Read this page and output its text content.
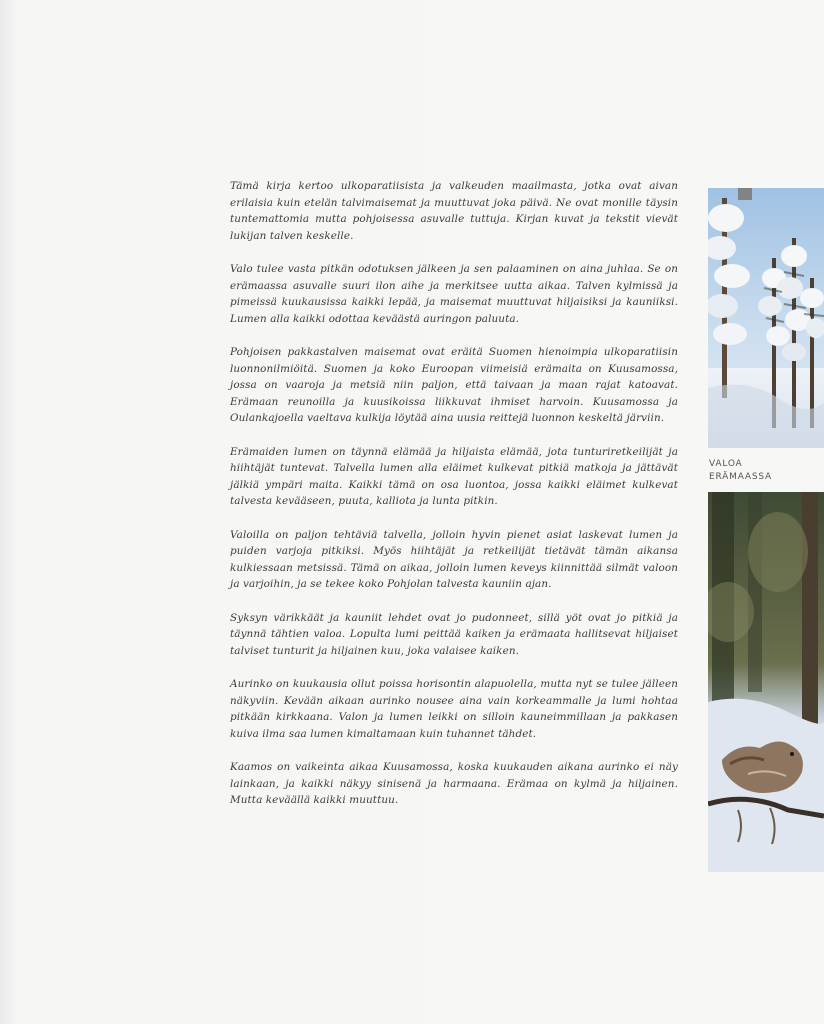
Tämä kirja kertoo ulkoparatiisista ja valkeuden maailmasta, jotka ovat aivan erilaisia kuin etelän talvimaisemat ja muuttuvat joka päivä. Ne ovat monille täysin tuntemattomia mutta pohjoisessa asuvalle tuttuja. Kirjan kuvat ja tekstit vievät lukijan talven keskelle.

Valo tulee vasta pitkän odotuksen jälkeen ja sen palaaminen on aina juhlaa. Se on erämaassa asuvalle suuri ilon aihe ja merkitsee uutta aikaa. Talven kylmissä ja pimeissä kuukausissa kaikki lepää, ja maisemat muuttuvat hiljaisiksi ja kauniiksi. Lumen alla kaikki odottaa keväästä auringon paluuta.

Pohjoisen pakkastalven maisemat ovat eräitä Suomen hienoimpia ulkoparatiisin luonnonilmiöitä. Suomen ja koko Euroopan viimeisiä erämaita on Kuusamossa, jossa on vaaroja ja metsiä niin paljon, että taivaan ja maan rajat katoavat. Erämaan reunoilla ja kuusikoissa liikkuvat ihmiset harvoin. Kuusamossa ja Oulankajoella vaeltava kulkija löytää aina uusia reittejä luonnon keskeltä järviin.

Erämaiden lumen on täynnä elämää ja hiljaista elämää, jota tunturiretkeilijät ja hiihtäjät tuntevat. Talvella lumen alla eläimet kulkevat pitkiä matkoja ja jättävät jälkiä ympäri maita. Kaikki tämä on osa luontoa, jossa kaikki eläimet kulkevat talvesta kevääseen, puuta, kalliota ja lunta pitkin.

Valoilla on paljon tehtäviä talvella, jolloin hyvin pienet asiat laskevat lumen ja puiden varjoja pitkiksi. Myös hiihtäjät ja retkeilijät tietävät tämän aikansa kulkiessaan metsissä. Tämä on aikaa, jolloin lumen keveys kiinnittää silmät valoon ja varjoihin, ja se tekee koko Pohjolan talvesta kauniin ajan.

Syksyn värikkäät ja kauniit lehdet ovat jo pudonneet, sillä yöt ovat jo pitkiä ja täynnä tähtien valoa. Lopulta lumi peittää kaiken ja erämaata hallitsevat hiljaiset talviset tunturit ja hiljainen kuu, joka valaisee kaiken.

Aurinko on kuukausia ollut poissa horisontin alapuolella, mutta nyt se tulee jälleen näkyviin. Kevään aikaan aurinko nousee aina vain korkeammalle ja lumi hohtaa pitkään kirkkaana. Valon ja lumen leikki on silloin kauneimmillaan ja pakkasen kuiva ilma saa lumen kimaltamaan kuin tuhannet tähdet.

Kaamos on vaikeinta aikaa Kuusamossa, koska kuukauden aikana aurinko ei näy lainkaan, ja kaikki näkyy sinisenä ja harmaana. Erämaa on kylmä ja hiljainen. Mutta keväällä kaikki muuttuu.

VALOA
ERÄMAASSA
